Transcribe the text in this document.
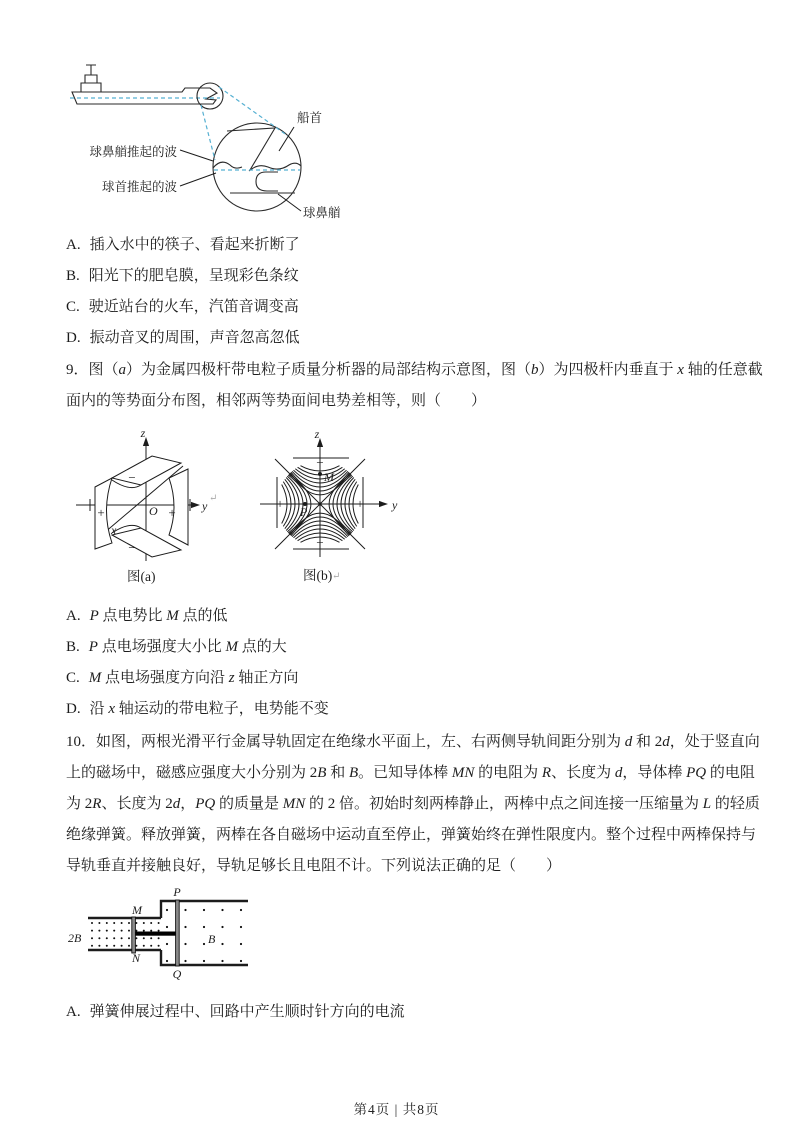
船首
球鼻艏推起的波
球首推起的波
球鼻艏
A. 插入水中的筷子、看起来折断了
B. 阳光下的肥皂膜，呈现彩色条纹
C. 驶近站台的火车，汽笛音调变高
D. 振动音叉的周围，声音忽高忽低
9．图（a）为金属四极杆带电粒子质量分析器的局部结构示意图，图（b）为四极杆内垂直于 x 轴的任意截
面内的等势面分布图，相邻两等势面间电势差相等，则（　　）
−
−
+	+
z
y
x
O
↵
图(a)
−
−
+	+
z
y
M
P
图(b) ↵
A. P 点电势比 M 点的低
B. P 点电场强度大小比 M 点的大
C. M 点电场强度方向沿 z 轴正方向
D. 沿 x 轴运动的带电粒子，电势能不变
10．如图，两根光滑平行金属导轨固定在绝缘水平面上，左、右两侧导轨间距分别为 d 和 2d，处于竖直向
上的磁场中，磁感应强度大小分别为 2B 和 B。已知导体棒 MN 的电阻为 R、长度为 d，导体棒 PQ 的电阻
为 2R、长度为 2d，PQ 的质量是 MN 的 2 倍。初始时刻两棒静止，两棒中点之间连接一压缩量为 L 的轻质
绝缘弹簧。释放弹簧，两棒在各自磁场中运动直至停止，弹簧始终在弹性限度内。整个过程中两棒保持与
导轨垂直并接触良好，导轨足够长且电阻不计。下列说法正确的足（　　）
2B	B
M
N
P
Q
A. 弹簧伸展过程中、回路中产生顺时针方向的电流
第4页 | 共8页
